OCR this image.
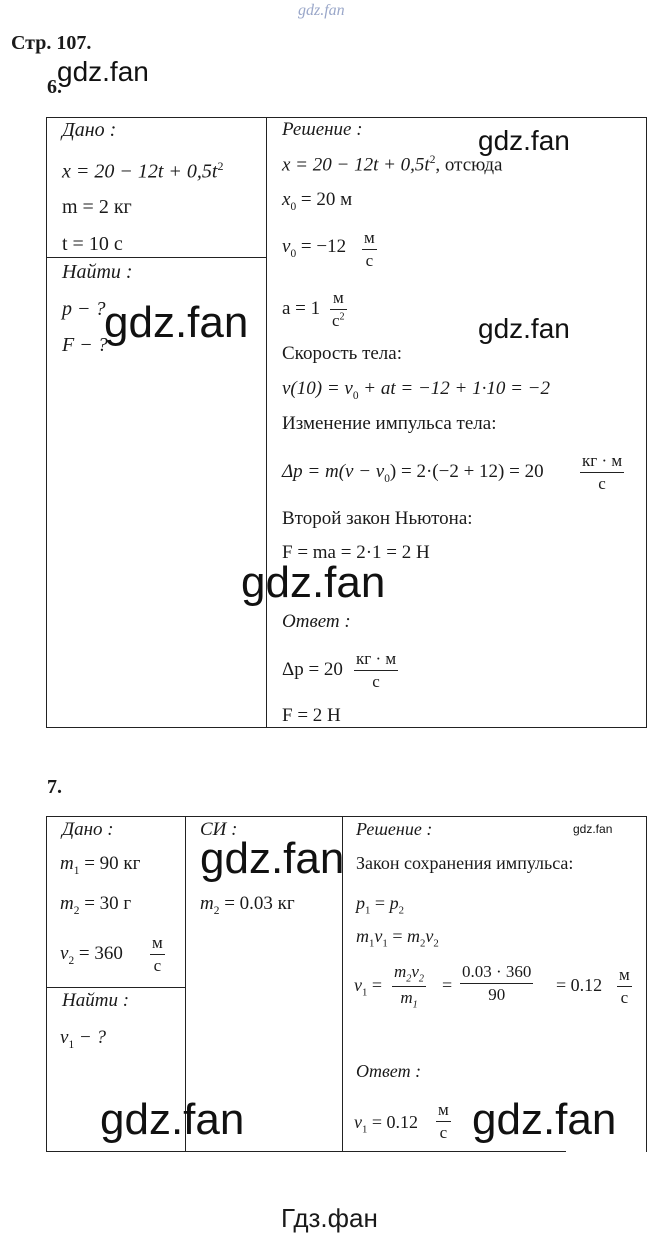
gdz.fan
Стр. 107.
6.
Дано :
$x = 20 - 12t + 0,5t^2$
m = 2 кг
t = 10 с
Найти :
p − ?
F − ?
Решение :
$x = 20 - 12t + 0,5t^2$, отсюда
$x_0 = 20$ м
$v_0 = -12$ м
с
a = 1
м
$с^2$
Скорость тела:
$v(10) = v_0$ + at = −12 + 1·10 = −2
Изменение импульса тела:
$\Delta p = m(v - v_0) = 2\cdot(-2 + 12) = 20$
кг · м
с
Второй закон Ньютона:
F = ma = 2·1 = 2 Н
Ответ :
Δp = 20
кг · м
с
F = 2 Н
7.
Дано :
$m_1 = 90$ кг
$m_2 = 30$ г
$v_2 = 360$
м
с
Найти :
$v_1$ − ?
СИ :
$m_2 = 0.03$ кг
Решение :
Закон сохранения импульса:
$p_1 = p_2$
$m_1v_1 = m_2v_2$
$v_1$ =
$m_2v_2$
$m_1$
=
0.03 · 360
90	= 0.12
м
с
Ответ :
$v_1 = 0.12$
м
с
gdz.fan
gdz.fan
gdz.fan	gdz.fan
gdz.fan
gdz.fan
gdz.fan
gdz.fan	gdz.fan
Гдз.фан
